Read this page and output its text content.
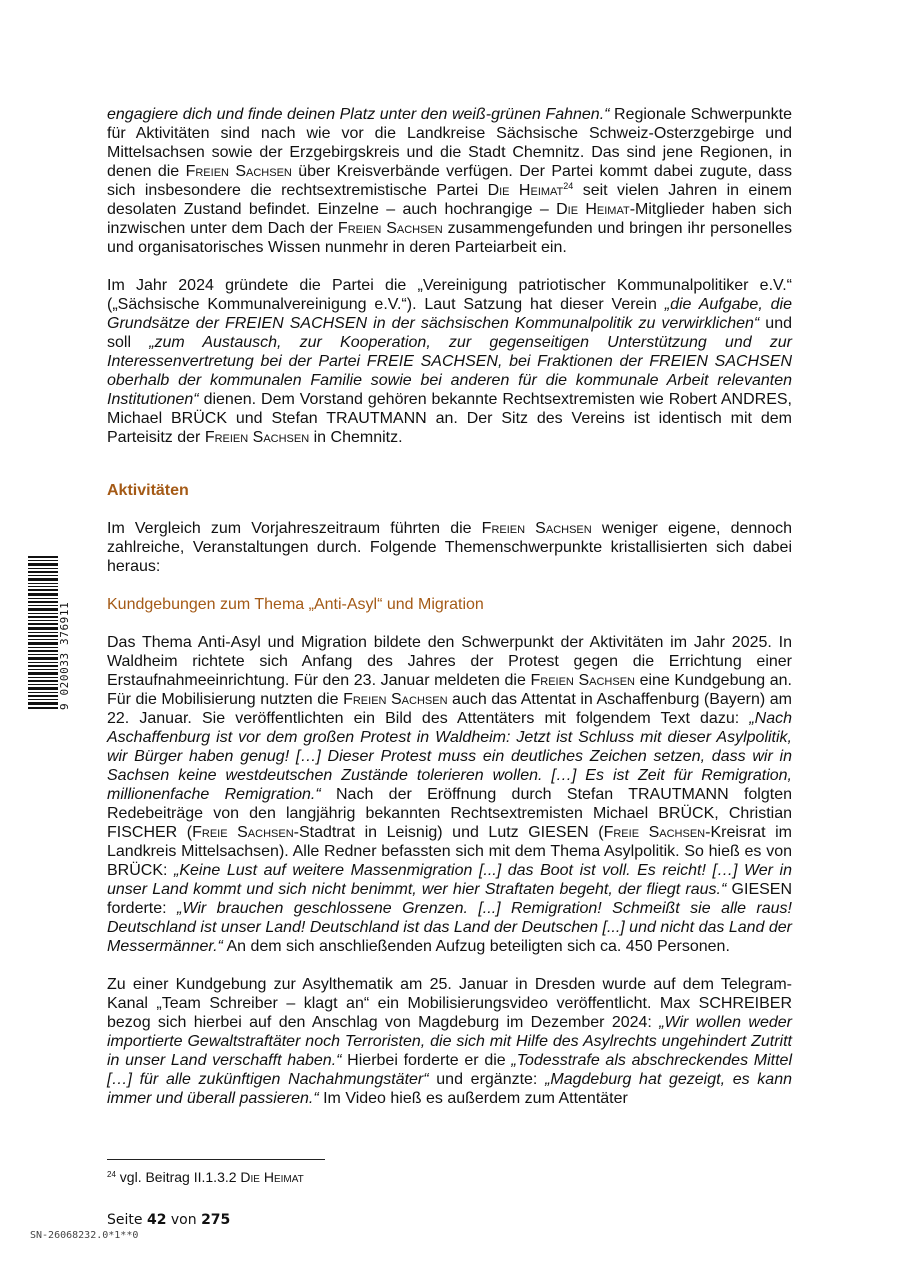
engagiere dich und finde deinen Platz unter den weiß-grünen Fahnen.“ Regionale Schwerpunkte für Aktivitäten sind nach wie vor die Landkreise Sächsische Schweiz-Osterzgebirge und Mittelsachsen sowie der Erzgebirgskreis und die Stadt Chemnitz. Das sind jene Regionen, in denen die Freien Sachsen über Kreisverbände verfügen. Der Partei kommt dabei zugute, dass sich insbesondere die rechtsextremistische Partei Die Heimat$^{24}$ seit vielen Jahren in einem desolaten Zustand befindet. Einzelne – auch hochrangige – Die Heimat-Mitglieder haben sich inzwischen unter dem Dach der Freien Sachsen zusammengefunden und bringen ihr personelles und organisatorisches Wissen nunmehr in deren Parteiarbeit ein.

Im Jahr 2024 gründete die Partei die „Vereinigung patriotischer Kommunalpolitiker e.V.“ („Sächsische Kommunalvereinigung e.V.“). Laut Satzung hat dieser Verein „die Aufgabe, die Grundsätze der FREIEN SACHSEN in der sächsischen Kommunalpolitik zu verwirklichen“ und soll „zum Austausch, zur Kooperation, zur gegenseitigen Unterstützung und zur Interessenvertretung bei der Partei FREIE SACHSEN, bei Fraktionen der FREIEN SACHSEN oberhalb der kommunalen Familie sowie bei anderen für die kommunale Arbeit relevanten Institutionen“ dienen. Dem Vorstand gehören bekannte Rechtsextremisten wie Robert ANDRES, Michael BRÜCK und Stefan TRAUTMANN an. Der Sitz des Vereins ist identisch mit dem Parteisitz der Freien Sachsen in Chemnitz.

Aktivitäten

Im Vergleich zum Vorjahreszeitraum führten die Freien Sachsen weniger eigene, dennoch zahlreiche, Veranstaltungen durch. Folgende Themenschwerpunkte kristallisierten sich dabei heraus:

Kundgebungen zum Thema „Anti-Asyl“ und Migration

Das Thema Anti-Asyl und Migration bildete den Schwerpunkt der Aktivitäten im Jahr 2025. In Waldheim richtete sich Anfang des Jahres der Protest gegen die Errichtung einer Erstaufnahmeeinrichtung. Für den 23. Januar meldeten die Freien Sachsen eine Kundgebung an. Für die Mobilisierung nutzten die Freien Sachsen auch das Attentat in Aschaffenburg (Bayern) am 22. Januar. Sie veröffentlichten ein Bild des Attentäters mit folgendem Text dazu: „Nach Aschaffenburg ist vor dem großen Protest in Waldheim: Jetzt ist Schluss mit dieser Asylpolitik, wir Bürger haben genug! […] Dieser Protest muss ein deutliches Zeichen setzen, dass wir in Sachsen keine westdeutschen Zustände tolerieren wollen. […] Es ist Zeit für Remigration, millionenfache Remigration.“ Nach der Eröffnung durch Stefan TRAUTMANN folgten Redebeiträge von den langjährig bekannten Rechtsextremisten Michael BRÜCK, Christian FISCHER (Freie Sachsen-Stadtrat in Leisnig) und Lutz GIESEN (Freie Sachsen-Kreisrat im Landkreis Mittelsachsen). Alle Redner befassten sich mit dem Thema Asylpolitik. So hieß es von BRÜCK: „Keine Lust auf weitere Massenmigration [...] das Boot ist voll. Es reicht! […] Wer in unser Land kommt und sich nicht benimmt, wer hier Straftaten begeht, der fliegt raus.“ GIESEN forderte: „Wir brauchen geschlossene Grenzen. [...] Remigration! Schmeißt sie alle raus! Deutschland ist unser Land! Deutschland ist das Land der Deutschen [...] und nicht das Land der Messermänner.“ An dem sich anschließenden Aufzug beteiligten sich ca. 450 Personen.

Zu einer Kundgebung zur Asylthematik am 25. Januar in Dresden wurde auf dem Telegram-Kanal „Team Schreiber – klagt an“ ein Mobilisierungsvideo veröffentlicht. Max SCHREIBER bezog sich hierbei auf den Anschlag von Magdeburg im Dezember 2024: „Wir wollen weder importierte Gewaltstraftäter noch Terroristen, die sich mit Hilfe des Asylrechts ungehindert Zutritt in unser Land verschafft haben.“ Hierbei forderte er die „Todesstrafe als abschreckendes Mittel […] für alle zukünftigen Nachahmungstäter“ und ergänzte: „Magdeburg hat gezeigt, es kann immer und überall passieren.“ Im Video hieß es außerdem zum Attentäter

$^{24}$ vgl. Beitrag II.1.3.2 Die Heimat
Seite 42 von 275
SN-26068232.0*1**0
9 020033 376911
